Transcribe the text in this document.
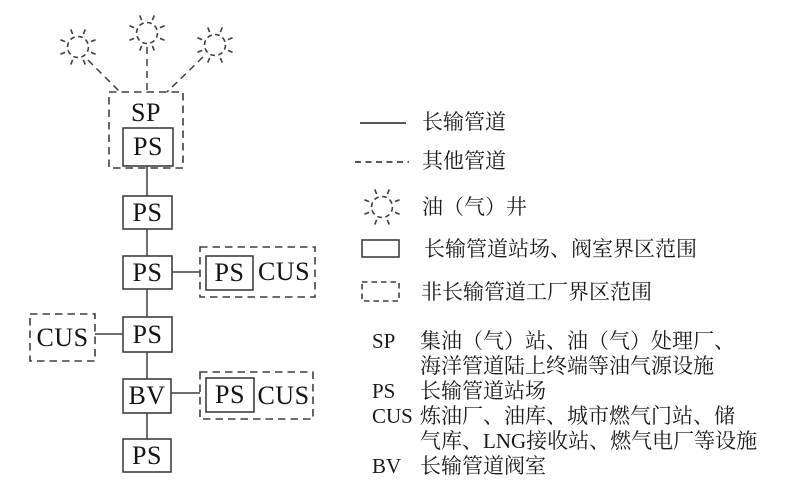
SP
PS
PS
PS	PS CUS
CUS	PS
BV	PS CUS
PS
长输管道
其他管道
油（气）井
长输管道站场、阀室界区范围
非长输管道工厂界区范围
SP	集油（气）站、油（气）处理厂、
海洋管道陆上终端等油气源设施
PS	长输管道站场
CUS 炼油厂、油库、城市燃气门站、储
气库、LNG接收站、燃气电厂等设施
BV 长输管道阀室
